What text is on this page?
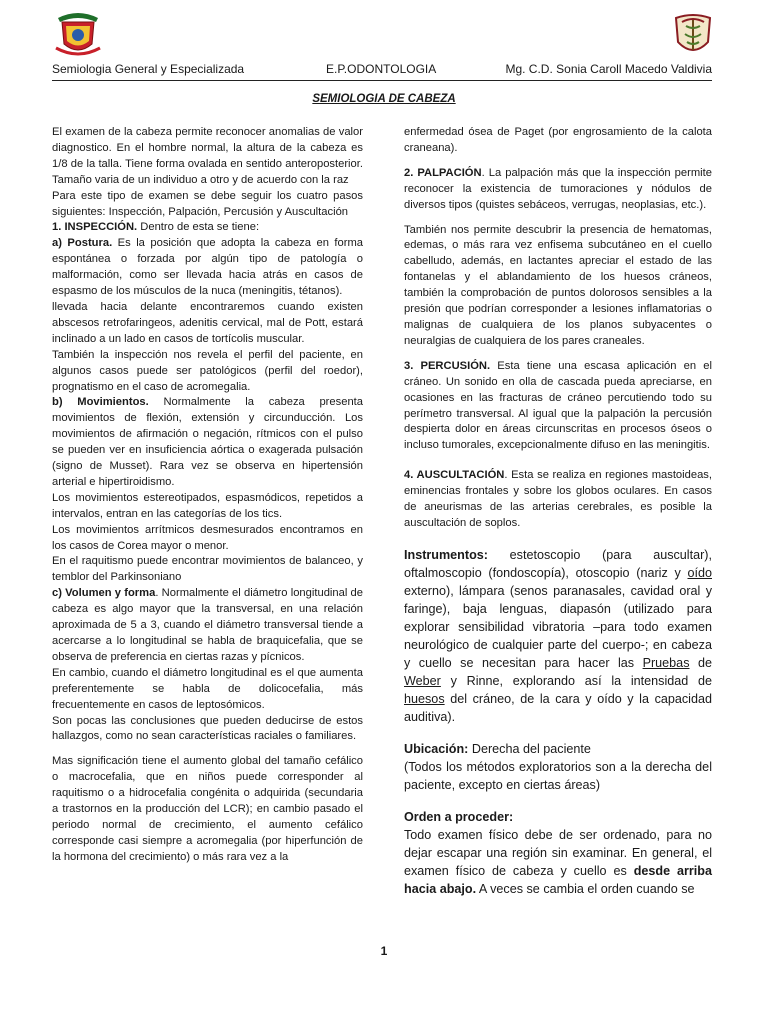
Semiologia General y Especializada	E.P.ODONTOLOGIA	Mg. C.D. Sonia Caroll Macedo Valdivia
SEMIOLOGIA DE CABEZA

El examen de la cabeza permite reconocer anomalias de valor diagnostico. En el hombre normal, la altura de la cabeza es 1/8 de la talla. Tiene forma ovalada en sentido anteroposterior. Tamaño varia de un individuo a otro y de acuerdo con la raz

Para este tipo de examen se debe seguir los cuatro pasos siguientes: Inspección, Palpación, Percusión y Auscultación

1. INSPECCIÓN. Dentro de esta se tiene:

a) Postura. Es la posición que adopta la cabeza en forma espontánea o forzada por algún tipo de patología o malformación, como ser llevada hacia atrás en casos de espasmo de los músculos de la nuca (meningitis, tétanos).

llevada hacia delante encontraremos cuando existen abscesos retrofaringeos, adenitis cervical, mal de Pott, estará inclinado a un lado en casos de tortícolis muscular.

También la inspección nos revela el perfil del paciente, en algunos casos puede ser patológicos (perfil del roedor), prognatismo en el caso de acromegalia.

b) Movimientos. Normalmente la cabeza presenta movimientos de flexión, extensión y circunducción. Los movimientos de afirmación o negación, rítmicos con el pulso se pueden ver en insuficiencia aórtica o exagerada pulsación (signo de Musset). Rara vez se observa en hipertensión arterial e hipertiroidismo.

Los movimientos estereotipados, espasmódicos, repetidos a intervalos, entran en las categorías de los tics.

Los movimientos arrítmicos desmesurados encontramos en los casos de Corea mayor o menor.

En el raquitismo puede encontrar movimientos de balanceo, y temblor del Parkinsoniano

c) Volumen y forma. Normalmente el diámetro longitudinal de cabeza es algo mayor que la transversal, en una relación aproximada de 5 a 3, cuando el diámetro transversal tiende a acercarse a lo longitudinal se habla de braquicefalia, que se observa de preferencia en ciertas razas y pícnicos.

En cambio, cuando el diámetro longitudinal es el que aumenta preferentemente se habla de dolicocefalia, más frecuentemente en casos de leptosómicos.

Son pocas las conclusiones que pueden deducirse de estos hallazgos, como no sean características raciales o familiares.

Mas significación tiene el aumento global del tamaño cefálico o macrocefalia, que en niños puede corresponder al raquitismo o a hidrocefalia congénita o adquirida (secundaria a trastornos en la producción del LCR); en cambio pasado el periodo normal de crecimiento, el aumento cefálico corresponde casi siempre a acromegalia (por hiperfunción de la hormona del crecimiento) o más rara vez a la

enfermedad ósea de Paget (por engrosamiento de la calota craneana).

2. PALPACIÓN. La palpación más que la inspección permite reconocer la existencia de tumoraciones y nódulos de diversos tipos (quistes sebáceos, verrugas, neoplasias, etc.).

También nos permite descubrir la presencia de hematomas, edemas, o más rara vez enfisema subcutáneo en el cuello cabelludo, además, en lactantes apreciar el estado de las fontanelas y el ablandamiento de los huesos cráneos, también la comprobación de puntos dolorosos sensibles a la presión que podrían corresponder a lesiones inflamatorias o malignas de cualquiera de los planos subyacentes o neuralgias de cualquiera de los pares craneales.

3. PERCUSIÓN. Esta tiene una escasa aplicación en el cráneo. Un sonido en olla de cascada pueda apreciarse, en ocasiones en las fracturas de cráneo percutiendo todo su perímetro transversal. Al igual que la palpación la percusión despierta dolor en áreas circunscritas en procesos óseos o incluso tumorales, excepcionalmente difuso en las meningitis.

4. AUSCULTACIÓN. Esta se realiza en regiones mastoideas, eminencias frontales y sobre los globos oculares. En casos de aneurismas de las arterias cerebrales, es posible la auscultación de soplos.

Instrumentos: estetoscopio (para auscultar), oftalmoscopio (fondoscopía), otoscopio (nariz y oído externo), lámpara (senos paranasales, cavidad oral y faringe), baja lenguas, diapasón (utilizado para explorar sensibilidad vibratoria –para todo examen neurológico de cualquier parte del cuerpo-; en cabeza y cuello se necesitan para hacer las Pruebas de Weber y Rinne, explorando así la intensidad de huesos del cráneo, de la cara y oído y la capacidad auditiva).

Ubicación: Derecha del paciente

(Todos los métodos exploratorios son a la derecha del paciente, excepto en ciertas áreas)

Orden a proceder:

Todo examen físico debe de ser ordenado, para no dejar escapar una región sin examinar. En general, el examen físico de cabeza y cuello es desde arriba hacia abajo. A veces se cambia el orden cuando se

1
